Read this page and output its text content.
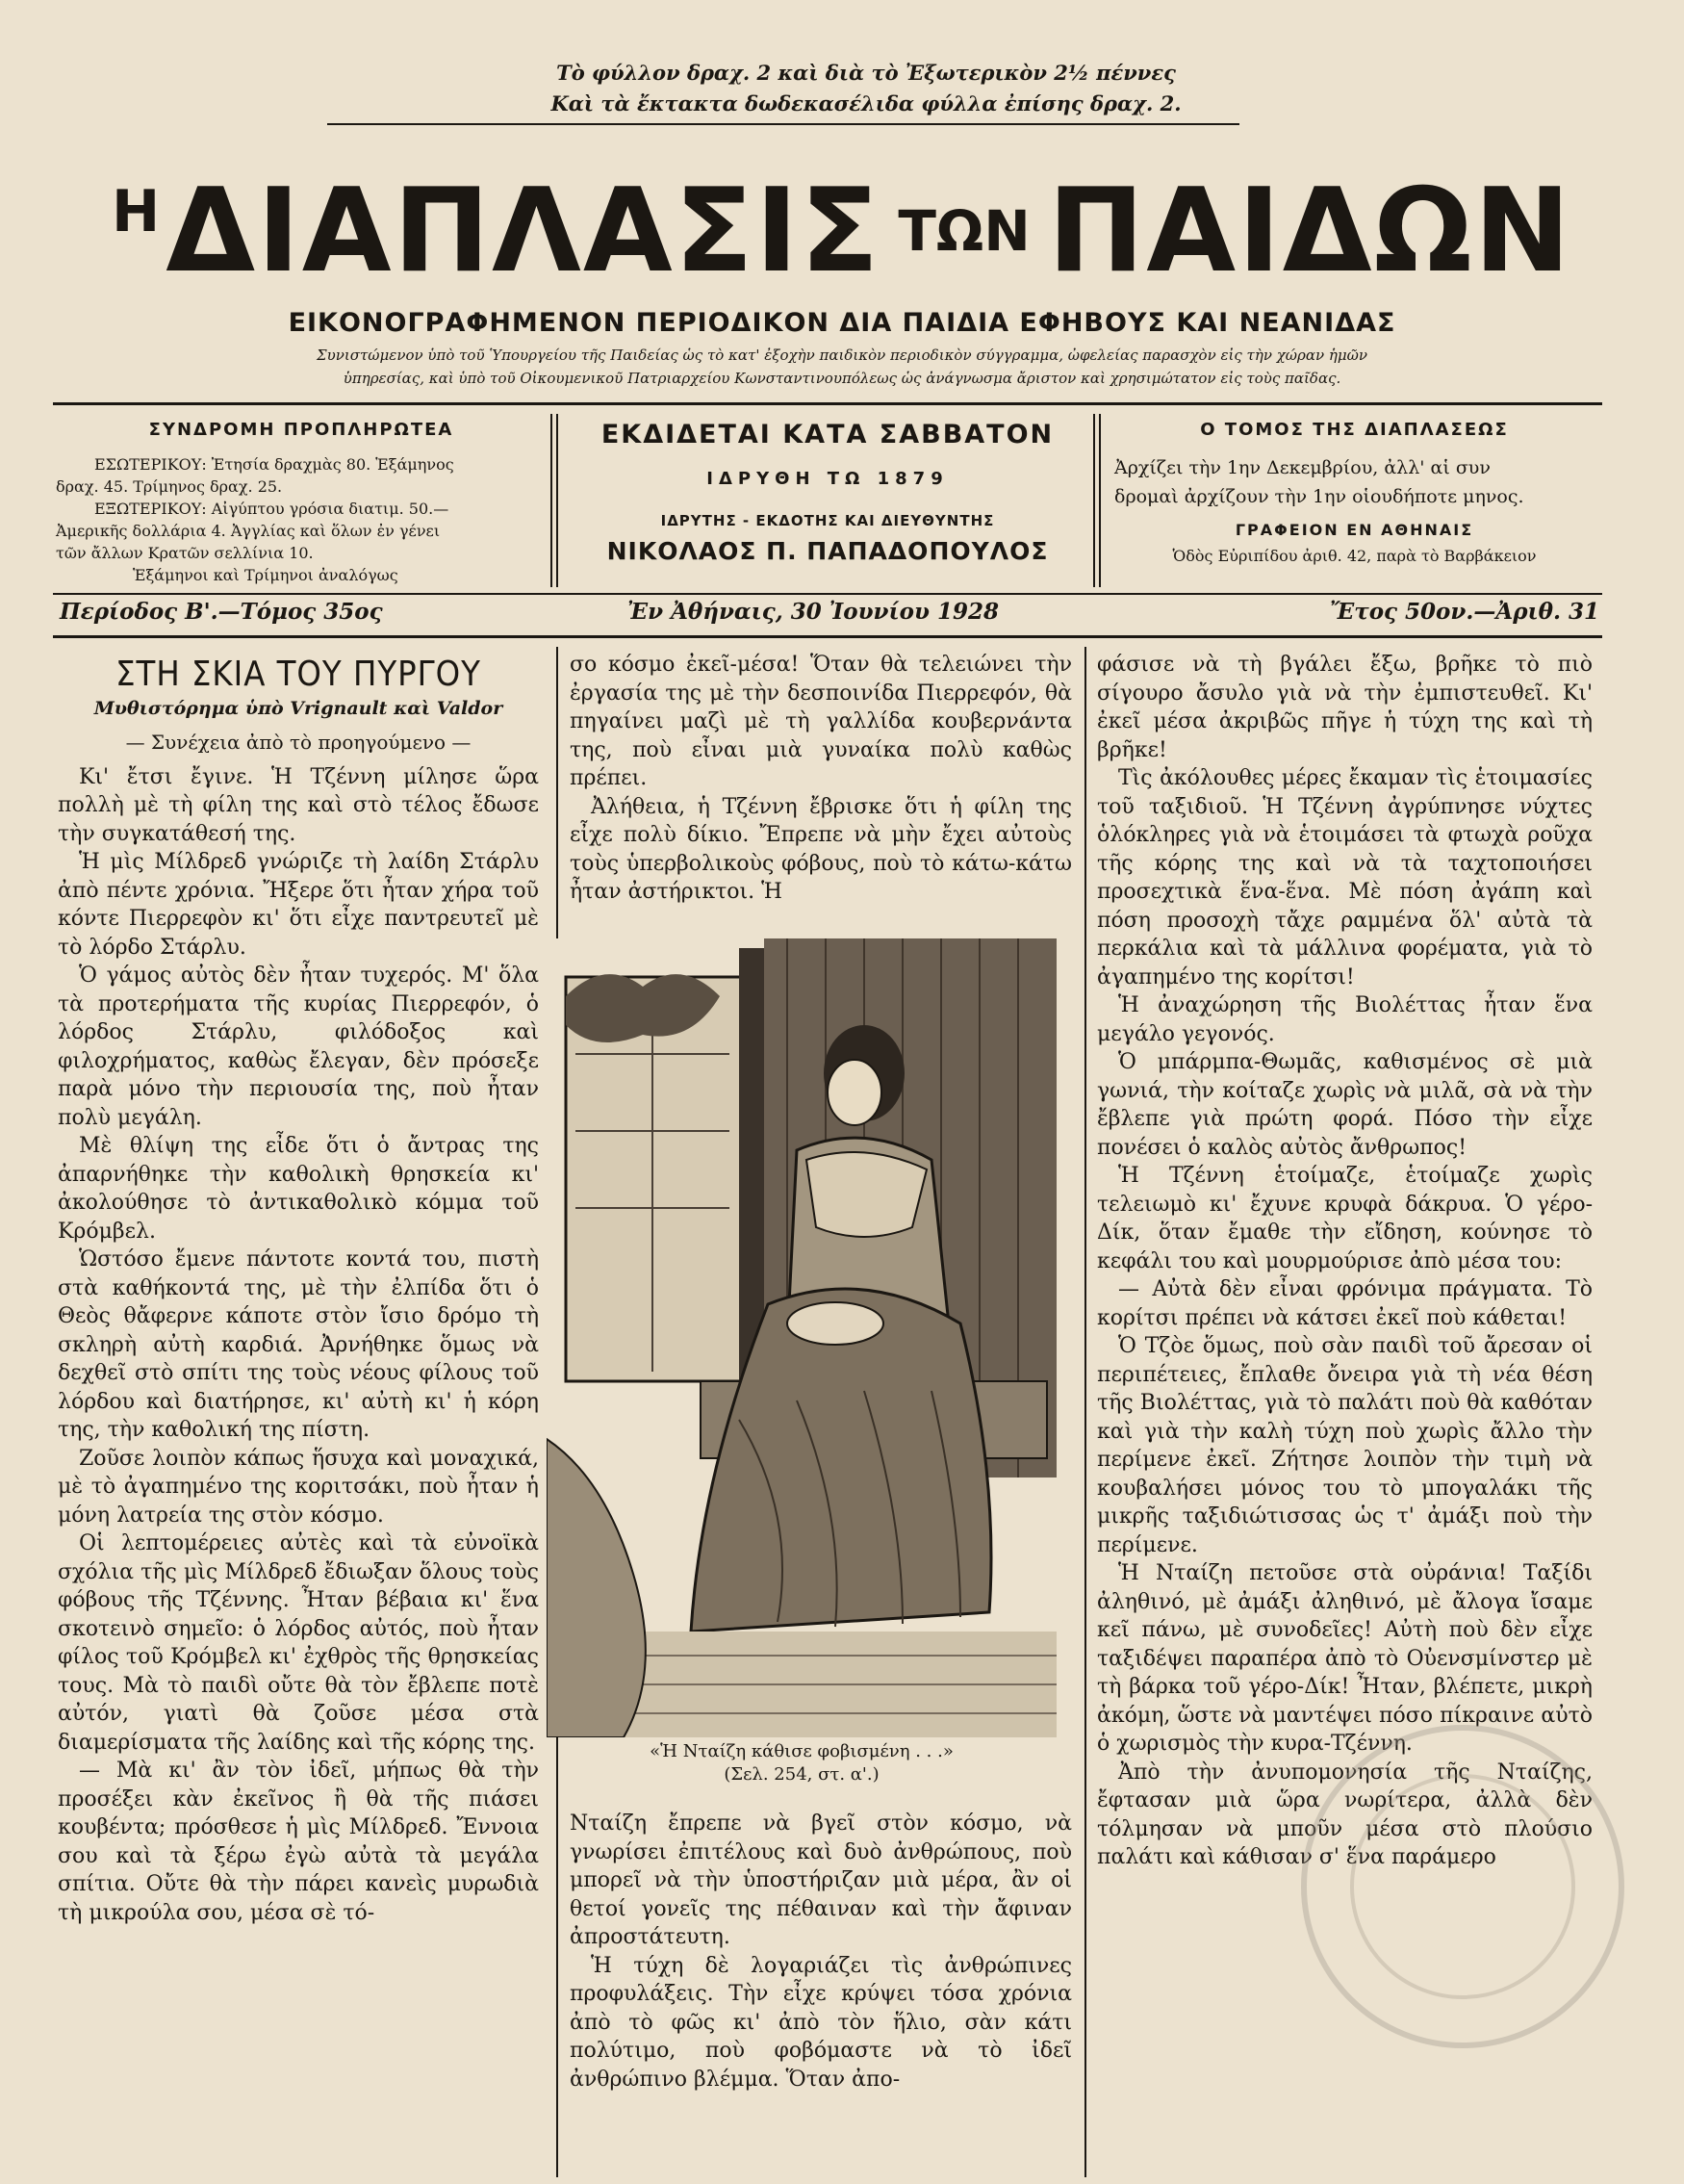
Τὸ φύλλον δραχ. 2 καὶ διὰ τὸ Ἐξωτερικὸν 2½ πέννες
Καὶ τὰ ἔκτακτα δωδεκασέλιδα φύλλα ἐπίσης δραχ. 2.
Η ΔΙΑΠΛΑΣΙΣ ΤΩΝ ΠΑΙΔΩΝ
ΕΙΚΟΝΟΓΡΑΦΗΜΕΝΟΝ ΠΕΡΙΟΔΙΚΟΝ ΔΙΑ ΠΑΙΔΙΑ ΕΦΗΒΟΥΣ ΚΑΙ ΝΕΑΝΙΔΑΣ
Συνιστώμενον ὑπὸ τοῦ Ὑπουργείου τῆς Παιδείας ὡς τὸ κατ' ἐξοχὴν παιδικὸν περιοδικὸν σύγγραμμα, ὠφελείας παρασχὸν εἰς τὴν χώραν ἡμῶν
ὑπηρεσίας, καὶ ὑπὸ τοῦ Οἰκουμενικοῦ Πατριαρχείου Κωνσταντινουπόλεως ὡς ἀνάγνωσμα ἄριστον καὶ χρησιμώτατον εἰς τοὺς παῖδας.
ΣΥΝΔΡΟΜΗ ΠΡΟΠΛΗΡΩΤΕΑ
ΕΣΩΤΕΡΙΚΟΥ: Ἐτησία δραχμὰς 80. Ἑξάμηνος
δραχ. 45. Τρίμηνος δραχ. 25.
ΕΞΩΤΕΡΙΚΟΥ: Αἰγύπτου γρόσια διατιμ. 50.—
Ἀμερικῆς δολλάρια 4. Ἀγγλίας καὶ ὅλων ἐν γένει
τῶν ἄλλων Κρατῶν σελλίνια 10.
Ἑξάμηνοι καὶ Τρίμηνοι ἀναλόγως
ΕΚΔΙΔΕΤΑΙ ΚΑΤΑ ΣΑΒΒΑΤΟΝ
ΙΔΡΥΘΗ ΤΩ 1879
ΙΔΡΥΤΗΣ - ΕΚΔΟΤΗΣ ΚΑΙ ΔΙΕΥΘΥΝΤΗΣ
ΝΙΚΟΛΑΟΣ Π. ΠΑΠΑΔΟΠΟΥΛΟΣ
Ο ΤΟΜΟΣ ΤΗΣ ΔΙΑΠΛΑΣΕΩΣ
Ἀρχίζει τὴν 1ην Δεκεμβρίου, ἀλλ' αἱ συν
δρομαὶ ἀρχίζουν τὴν 1ην οἱουδήποτε μηνος.
ΓΡΑΦΕΙΟΝ ΕΝ ΑΘΗΝΑΙΣ
Ὁδὸς Εὐριπίδου ἀριθ. 42, παρὰ τὸ Βαρβάκειον
Περίοδος Β'.—Τόμος 35ος	Ἐν Ἀθήναις, 30 Ἰουνίου 1928	Ἔτος 50ον.—Ἀριθ. 31
ΣΤΗ ΣΚΙΑ ΤΟΥ ΠΥΡΓΟΥ
Μυθιστόρημα ὑπὸ Vrignault καὶ Valdor
— Συνέχεια ἀπὸ τὸ προηγούμενο —

Κι' ἔτσι ἔγινε. Ἡ Τζέννη μίλησε ὥρα πολλὴ μὲ τὴ φίλη της καὶ στὸ τέλος ἔδωσε τὴν συγκατάθεσή της.

Ἡ μὶς Μίλδρεδ γνώριζε τὴ λαίδη Στάρλυ ἀπὸ πέντε χρόνια. Ἤξερε ὅτι ἦταν χήρα τοῦ κόντε Πιερρεφὸν κι' ὅτι εἶχε παντρευτεῖ μὲ τὸ λόρδο Στάρλυ.

Ὁ γάμος αὐτὸς δὲν ἦταν τυχερός. Μ' ὅλα τὰ προτερήματα τῆς κυρίας Πιερρεφόν, ὁ λόρδος Στάρλυ, φιλόδοξος καὶ φιλοχρήματος, καθὼς ἔλεγαν, δὲν πρόσεξε παρὰ μόνο τὴν περιουσία της, ποὺ ἦταν πολὺ μεγάλη.

Μὲ θλίψη της εἶδε ὅτι ὁ ἄντρας της ἀπαρνήθηκε τὴν καθολικὴ θρησκεία κι' ἀκολούθησε τὸ ἀντικαθολικὸ κόμμα τοῦ Κρόμβελ.

Ὡστόσο ἔμενε πάντοτε κοντά του, πιστὴ στὰ καθήκοντά της, μὲ τὴν ἐλπίδα ὅτι ὁ Θεὸς θἄφερνε κάποτε στὸν ἴσιο δρόμο τὴ σκληρὴ αὐτὴ καρδιά. Ἀρνήθηκε ὅμως νὰ δεχθεῖ στὸ σπίτι της τοὺς νέους φίλους τοῦ λόρδου καὶ διατήρησε, κι' αὐτὴ κι' ἡ κόρη της, τὴν καθολική της πίστη.

Ζοῦσε λοιπὸν κάπως ἥσυχα καὶ μοναχικά, μὲ τὸ ἀγαπημένο της κοριτσάκι, ποὺ ἦταν ἡ μόνη λατρεία της στὸν κόσμο.

Οἱ λεπτομέρειες αὐτὲς καὶ τὰ εὐνοϊκὰ σχόλια τῆς μὶς Μίλδρεδ ἔδιωξαν ὅλους τοὺς φόβους τῆς Τζέννης. Ἦταν βέβαια κι' ἕνα σκοτεινὸ σημεῖο: ὁ λόρδος αὐτός, ποὺ ἦταν φίλος τοῦ Κρόμβελ κι' ἐχθρὸς τῆς θρησκείας τους. Μὰ τὸ παιδὶ οὔτε θὰ τὸν ἔβλεπε ποτὲ αὐτόν, γιατὶ θὰ ζοῦσε μέσα στὰ διαμερίσματα τῆς λαίδης καὶ τῆς κόρης της.

— Μὰ κι' ἂν τὸν ἰδεῖ, μήπως θὰ τὴν προσέξει κὰν ἐκεῖνος ἢ θὰ τῆς πιάσει κουβέντα; πρόσθεσε ἡ μὶς Μίλδρεδ. Ἔννοια σου καὶ τὰ ξέρω ἐγὼ αὐτὰ τὰ μεγάλα σπίτια. Οὔτε θὰ τὴν πάρει κανεὶς μυρωδιὰ τὴ μικρούλα σου, μέσα σὲ τό-

σο κόσμο ἐκεῖ-μέσα! Ὅταν θὰ τελειώνει τὴν ἐργασία της μὲ τὴν δεσποινίδα Πιερρεφόν, θὰ πηγαίνει μαζὶ μὲ τὴ γαλλίδα κουβερνάντα της, ποὺ εἶναι μιὰ γυναίκα πολὺ καθὼς πρέπει.

Ἀλήθεια, ἡ Τζέννη ἔβρισκε ὅτι ἡ φίλη της εἶχε πολὺ δίκιο. Ἔπρεπε νὰ μὴν ἔχει αὐτοὺς τοὺς ὑπερβολικοὺς φόβους, ποὺ τὸ κάτω-κάτω ἦταν ἀστήρικτοι. Ἡ

«Ἡ Νταίζη κάθισε φοβισμένη . . .»
(Σελ. 254, στ. α'.)

Νταίζη ἔπρεπε νὰ βγεῖ στὸν κόσμο, νὰ γνωρίσει ἐπιτέλους καὶ δυὸ ἀνθρώπους, ποὺ μπορεῖ νὰ τὴν ὑποστήριζαν μιὰ μέρα, ἂν οἱ θετοί γονεῖς της πέθαιναν καὶ τὴν ἄφιναν ἀπροστάτευτη.

Ἡ τύχη δὲ λογαριάζει τὶς ἀνθρώπινες προφυλάξεις. Τὴν εἶχε κρύψει τόσα χρόνια ἀπὸ τὸ φῶς κι' ἀπὸ τὸν ἥλιο, σὰν κάτι πολύτιμο, ποὺ φοβόμαστε νὰ τὸ ἰδεῖ ἀνθρώπινο βλέμμα. Ὅταν ἀπο-

φάσισε νὰ τὴ βγάλει ἔξω, βρῆκε τὸ πιὸ σίγουρο ἄσυλο γιὰ νὰ τὴν ἐμπιστευθεῖ. Κι' ἐκεῖ μέσα ἀκριβῶς πῆγε ἡ τύχη της καὶ τὴ βρῆκε!

Τὶς ἀκόλουθες μέρες ἔκαμαν τὶς ἑτοιμασίες τοῦ ταξιδιοῦ. Ἡ Τζέννη ἀγρύπνησε νύχτες ὁλόκληρες γιὰ νὰ ἑτοιμάσει τὰ φτωχὰ ροῦχα τῆς κόρης της καὶ νὰ τὰ ταχτοποιήσει προσεχτικὰ ἕνα-ἕνα. Μὲ πόση ἀγάπη καὶ πόση προσοχὴ τἄχε ραμμένα ὅλ' αὐτὰ τὰ περκάλια καὶ τὰ μάλλινα φορέματα, γιὰ τὸ ἀγαπημένο της κορίτσι!

Ἡ ἀναχώρηση τῆς Βιολέττας ἦταν ἕνα μεγάλο γεγονός.

Ὁ μπάρμπα-Θωμᾶς, καθισμένος σὲ μιὰ γωνιά, τὴν κοίταζε χωρὶς νὰ μιλᾶ, σὰ νὰ τὴν ἔβλεπε γιὰ πρώτη φορά. Πόσο τὴν εἶχε πονέσει ὁ καλὸς αὐτὸς ἄνθρωπος!

Ἡ Τζέννη ἑτοίμαζε, ἑτοίμαζε χωρὶς τελειωμὸ κι' ἔχυνε κρυφὰ δάκρυα. Ὁ γέρο-Δίκ, ὅταν ἔμαθε τὴν εἴδηση, κούνησε τὸ κεφάλι του καὶ μουρμούρισε ἀπὸ μέσα του:

— Αὐτὰ δὲν εἶναι φρόνιμα πράγματα. Τὸ κορίτσι πρέπει νὰ κάτσει ἐκεῖ ποὺ κάθεται!

Ὁ Τζὸε ὅμως, ποὺ σὰν παιδὶ τοῦ ἄρεσαν οἱ περιπέτειες, ἔπλαθε ὄνειρα γιὰ τὴ νέα θέση τῆς Βιολέττας, γιὰ τὸ παλάτι ποὺ θὰ καθόταν καὶ γιὰ τὴν καλὴ τύχη ποὺ χωρὶς ἄλλο τὴν περίμενε ἐκεῖ. Ζήτησε λοιπὸν τὴν τιμὴ νὰ κουβαλήσει μόνος του τὸ μπογαλάκι τῆς μικρῆς ταξιδιώτισσας ὡς τ' ἀμάξι ποὺ τὴν περίμενε.

Ἡ Νταίζη πετοῦσε στὰ οὐράνια! Ταξίδι ἀληθινό, μὲ ἀμάξι ἀληθινό, μὲ ἄλογα ἴσαμε κεῖ πάνω, μὲ συνοδεῖες! Αὐτὴ ποὺ δὲν εἶχε ταξιδέψει παραπέρα ἀπὸ τὸ Οὐενσμίνστερ μὲ τὴ βάρκα τοῦ γέρο-Δίκ! Ἦταν, βλέπετε, μικρὴ ἀκόμη, ὥστε νὰ μαντέψει πόσο πίκραινε αὐτὸ ὁ χωρισμὸς τὴν κυρα-Τζέννη.

Ἀπὸ τὴν ἀνυπομονησία τῆς Νταίζης, ἔφτασαν μιὰ ὥρα νωρίτερα, ἀλλὰ δὲν τόλμησαν νὰ μποῦν μέσα στὸ πλούσιο παλάτι καὶ κάθισαν σ' ἕνα παράμερο
